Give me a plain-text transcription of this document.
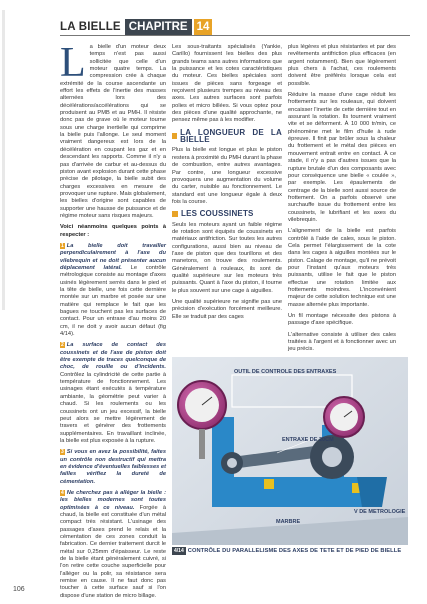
LA BIELLE CHAPITRE 14

L a bielle d'un moteur deux temps n'est pas aussi sollicitée que celle d'un moteur quatre temps. La compression crée à chaque extrémité de la course ascendante un effort les effets de l'inertie des masses alternées lors des décélérations/accélérations qui se produisent au PMB et au PMH. Il résiste donc pas de grave où le moteur tourne sous une charge inertielle qui comprime la bielle puis l'allonge. Le seul moment vraiment dangereux est lors de la décélération en coupant les gaz et en descendant les rapports. Comme il n'y a pas d'arrivée de carbur et au-dessus du piston avant explosion durant cette phase précise de pilotage, la bielle subit des charges excessives en mesure de provoquer une rupture. Mais globalement, les bielles d'origine sont capables de supporter une hausse de puissance et de régime moteur sans risques majeurs.

Voici néanmoins quelques points à respecter :

1 La bielle doit travailler perpendiculairement à l'axe du vilebrequin et ne doit présenter aucun déplacement latéral. Le contrôle métrologique consiste au montage d'axes usinés légèrement serrés dans le pied et la tête de bielle, une fois cette dernière montée sur un marbre et posée sur une matière qui remplace le fait que les bagues ne touchent pas les surfaces de contact. Pour un entraxe d'au moins 20 cm, il ne doit y avoir aucun défaut (fig 4/14).
2 La surface de contact des coussinets et de l'axe de piston doit être exempte de traces quelconque de choc, de rouille ou d'incidents. Contrôlez la cylindricité de cette partie à température de fonctionnement. Les usinages étant exécutés à température ambiante, la géométrie peut varier à chaud. Si les roulements ou les coussinets ont un jeu excessif, la bielle peut alors se mettre légèrement de travers et générer des frottements supplémentaires. En travaillant inclinée, la bielle est plus exposée à la rupture.
3 Si vous en avez la possibilité, faites un contrôle non destructif qui mettra en évidence d'éventuelles faiblesses et failles vérifiez la dureté de cémentation.
4 Ne cherchez pas à alléger la bielle : les bielles modernes sont toutes optimisées à ce niveau. Forgée à chaud, la bielle est constituée d'un métal compact très résistant. L'usinage des passages d'axes prend le relais et la cémentation de ces zones conduit la fabrication. Ce dernier traitement durcit le métal sur 0,25mm d'épaisseur. Le reste de la bielle étant généralement cuivré, si l'on retire cette couche superficielle pour l'alléger ou la polir, sa résistance sera remise en cause. Il ne faut donc pas toucher à cette surface sauf si l'on dispose d'une station de micro billage.

Les sous-traitants spécialisés (Yankie, Carillo) fournissent les bielles des plus grands teams sans autres informations que la puissance et les cotes caractéristiques du moteur. Ces bielles spéciales sont issues de pièces sans forgeage et reçoivent plusieurs trempes au niveau des axes. Les autres surfaces sont parfois polies et micro billées. Si vous optez pour des pièces d'une qualité approchante, ne pensez même pas à les modifier.

LA LONGUEUR DE LA BIELLE

Plus la bielle est longue et plus le piston restera à proximité du PMH durant la phase de combustion, entre autres avantages. Par contre, une longueur excessive provoquera une augmentation du volume du carter, nuisible au fonctionnement. Le standard est une longueur égale à deux fois la course.

LES COUSSINETS

Seuls les moteurs ayant un faible régime de rotation sont équipés de coussinets en matériaux antifriction. Sur toutes les autres configurations, aussi bien au niveau de l'axe de piston que des tourillons et des manetons, on trouve des roulements. Généralement à rouleaux, ils sont de qualité supérieure sur les moteurs très puissants. Quant à l'axe du piston, il tourne le plus souvent sur une cage à aiguilles.

Une qualité supérieure ne signifie pas une précision d'exécution forcément meilleure. Elle se traduit par des cages

plus légères et plus résistantes et par des revêtements antifriction plus efficaces (en argent notamment). Bien que légèrement plus chers à l'achat, ces roulements doivent être préférés lorsque cela est possible.

Réduire la masse d'une cage réduit les frottements sur les rouleaux, qui doivent encaisser l'inertie de cette dernière tout en assurant la rotation. Ils tournent vraiment vite et se déforment. À 10 000 tr/min, ce phénomène met le film d'huile à rude épreuve. Il finit par brûler sous la chaleur du frottement et le métal des pièces en mouvement entrait entre en contact. À ce stade, il n'y a pas d'autres issues que la rupture brutale d'un des composants avec pour conséquence une bielle « coulée », par exemple. Les épaulements de centrage de la bielle sont aussi source de frottement. On a parfois observé une surchauffe issue du frottement entre les coussinets, le lubrifiant et les axes du vilebrequin.

L'alignement de la bielle est parfois contrôlé à l'aide de cales, sous le piston. Cela permet l'élargissement de la cote dans les cages à aiguilles montées sur le piston. Calage de montage, qu'il ne prévoit pour l'instant qu'aux moteurs très puissants, utilise le fait que le piston effectue une rotation limitée aux frottements moindres. L'inconvénient majeur de cette solution technique est une masse alternée plus importante.

Un fil montage nécessite des pistons à passage d'axe spécifique.

L'alternative consiste à utiliser des cales traitées à l'argent et à fonctionner avec un jeu précis.

OUTIL DE CONTROLE DES ENTRAXES
ENTRAXE DE 20CM
V DE METROLOGIE
MARBRE
4/14 CONTRÔLE DU PARALLELISME DES AXES DE TETE ET DE PIED DE BIELLE
106
